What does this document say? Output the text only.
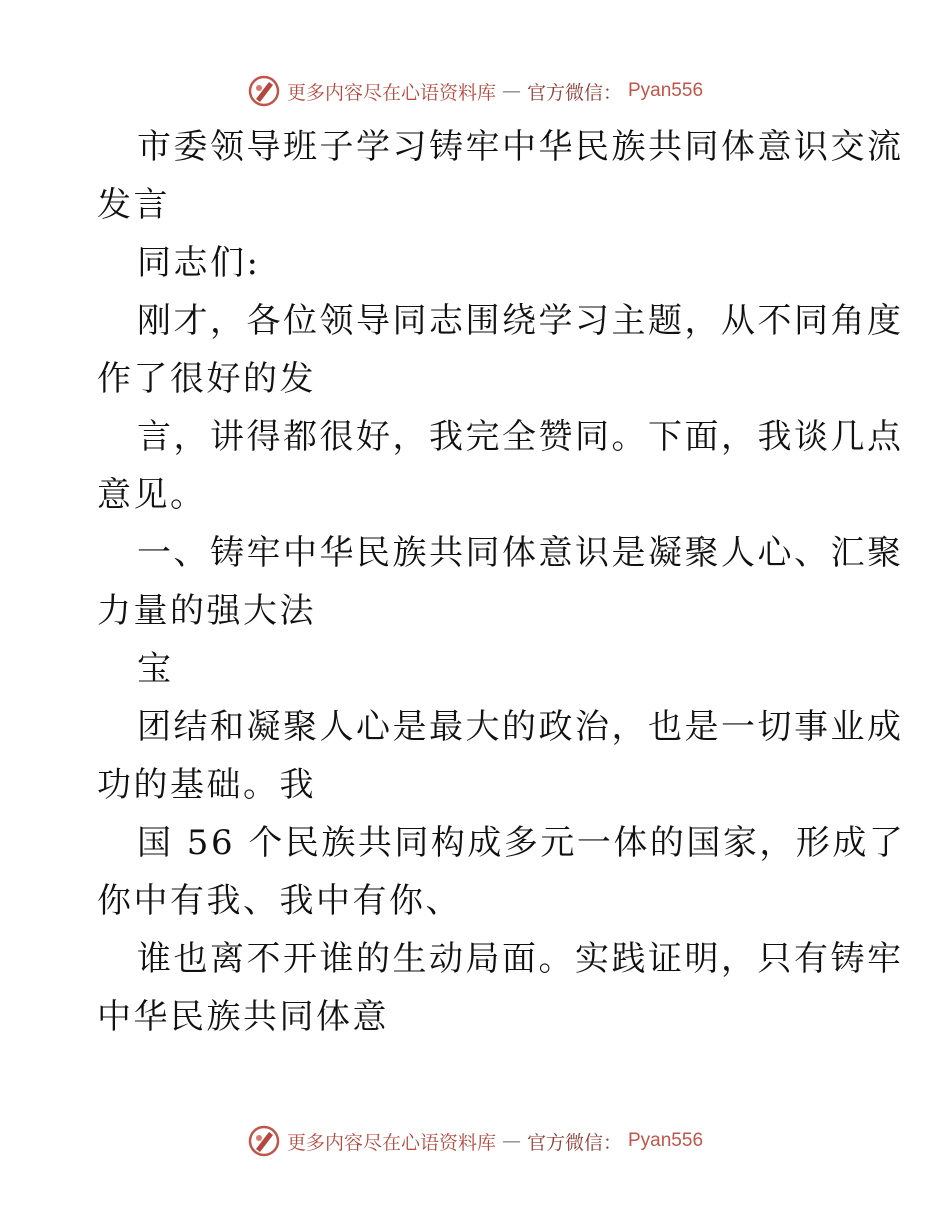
更多内容尽在心语资料库 — 官方微信： Pyan556

市委领导班子学习铸牢中华民族共同体意识交流

发言

同志们:

刚才，各位领导同志围绕学习主题，从不同角度

作了很好的发

言，讲得都很好，我完全赞同。下面，我谈几点

意见。

一、铸牢中华民族共同体意识是凝聚人心、汇聚

力量的强大法

宝

团结和凝聚人心是最大的政治，也是一切事业成

功的基础。我

国 56 个民族共同构成多元一体的国家，形成了

你中有我、我中有你、

谁也离不开谁的生动局面。实践证明，只有铸牢

中华民族共同体意

更多内容尽在心语资料库 — 官方微信： Pyan556
